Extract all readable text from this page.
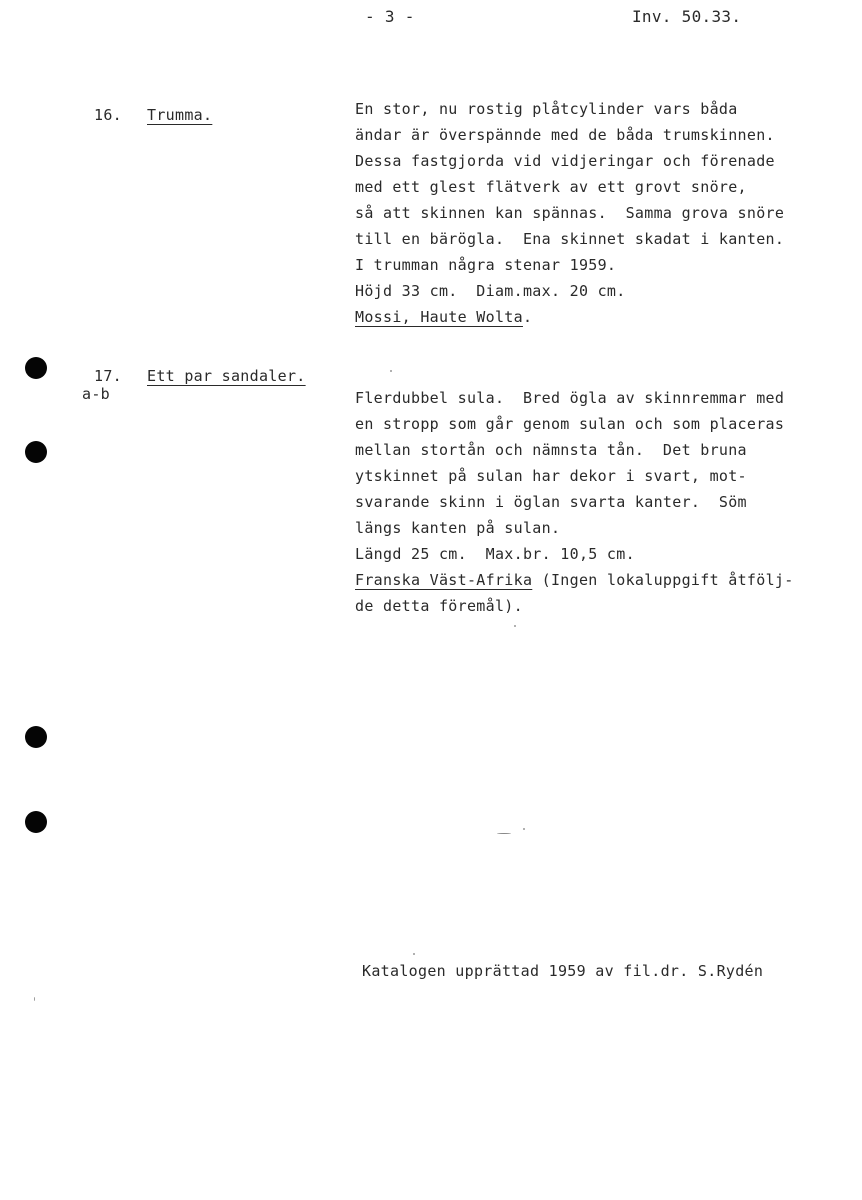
- 3 -	Inv. 50.33.
16. Trumma.	En stor, nu rostig plåtcylinder vars båda
ändar är överspännde med de båda trumskinnen.
Dessa fastgjorda vid vidjeringar och förenade
med ett glest flätverk av ett grovt snöre,
så att skinnen kan spännas.  Samma grova snöre
till en bärögla.  Ena skinnet skadat i kanten.
I trumman några stenar 1959.
Höjd 33 cm.  Diam.max. 20 cm.
Mossi, Haute Wolta.
17.
a-b
Ett par sandaler.
Flerdubbel sula.  Bred ögla av skinnremmar med
en stropp som går genom sulan och som placeras
mellan stortån och nämnsta tån.  Det bruna
ytskinnet på sulan har dekor i svart, mot-
svarande skinn i öglan svarta kanter.  Söm
längs kanten på sulan.
Längd 25 cm.  Max.br. 10,5 cm.
Franska Väst-Afrika (Ingen lokaluppgift åtfölj-
de detta föremål).
Katalogen upprättad 1959 av fil.dr. S.Rydén
